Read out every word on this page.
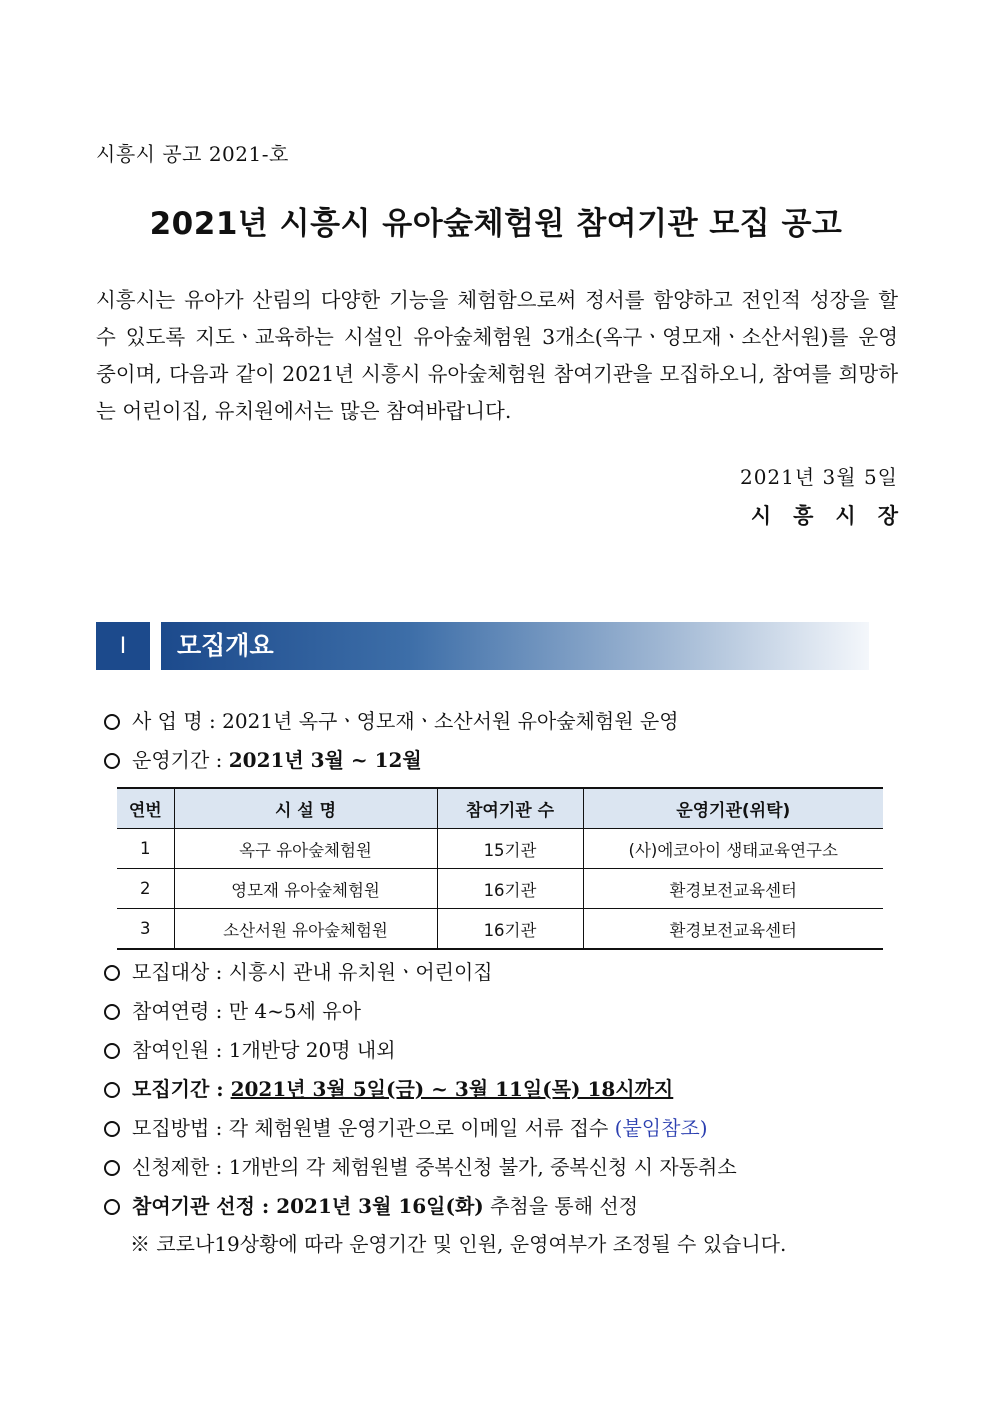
시흥시 공고 2021-호
2021년 시흥시 유아숲체험원 참여기관 모집 공고
시흥시는 유아가 산림의 다양한 기능을 체험함으로써 정서를 함양하고 전인적 성장을 할 수 있도록 지도ㆍ교육하는 시설인 유아숲체험원 3개소(옥구ㆍ영모재ㆍ소산서원)를 운영 중이며, 다음과 같이 2021년 시흥시 유아숲체험원 참여기관을 모집하오니, 참여를 희망하는 어린이집, 유치원에서는 많은 참여바랍니다.
2021년 3월 5일
시흥시장
Ⅰ	모집개요
사 업 명 : 2021년 옥구ㆍ영모재ㆍ소산서원 유아숲체험원 운영
운영기간 : 2021년 3월 ~ 12월
연번	시 설 명	참여기관 수	운영기관(위탁)
1	옥구 유아숲체험원	15기관	(사)에코아이 생태교육연구소
2	영모재 유아숲체험원	16기관	환경보전교육센터
3	소산서원 유아숲체험원	16기관	환경보전교육센터
모집대상 : 시흥시 관내 유치원ㆍ어린이집
참여연령 : 만 4~5세 유아
참여인원 : 1개반당 20명 내외
모집기간 : 2021년 3월 5일(금) ~ 3월 11일(목) 18시까지
모집방법 : 각 체험원별 운영기관으로 이메일 서류 접수 (붙임참조)
신청제한 : 1개반의 각 체험원별 중복신청 불가, 중복신청 시 자동취소
참여기관 선정 : 2021년 3월 16일(화) 추첨을 통해 선정
※ 코로나19상황에 따라 운영기간 및 인원, 운영여부가 조정될 수 있습니다.
